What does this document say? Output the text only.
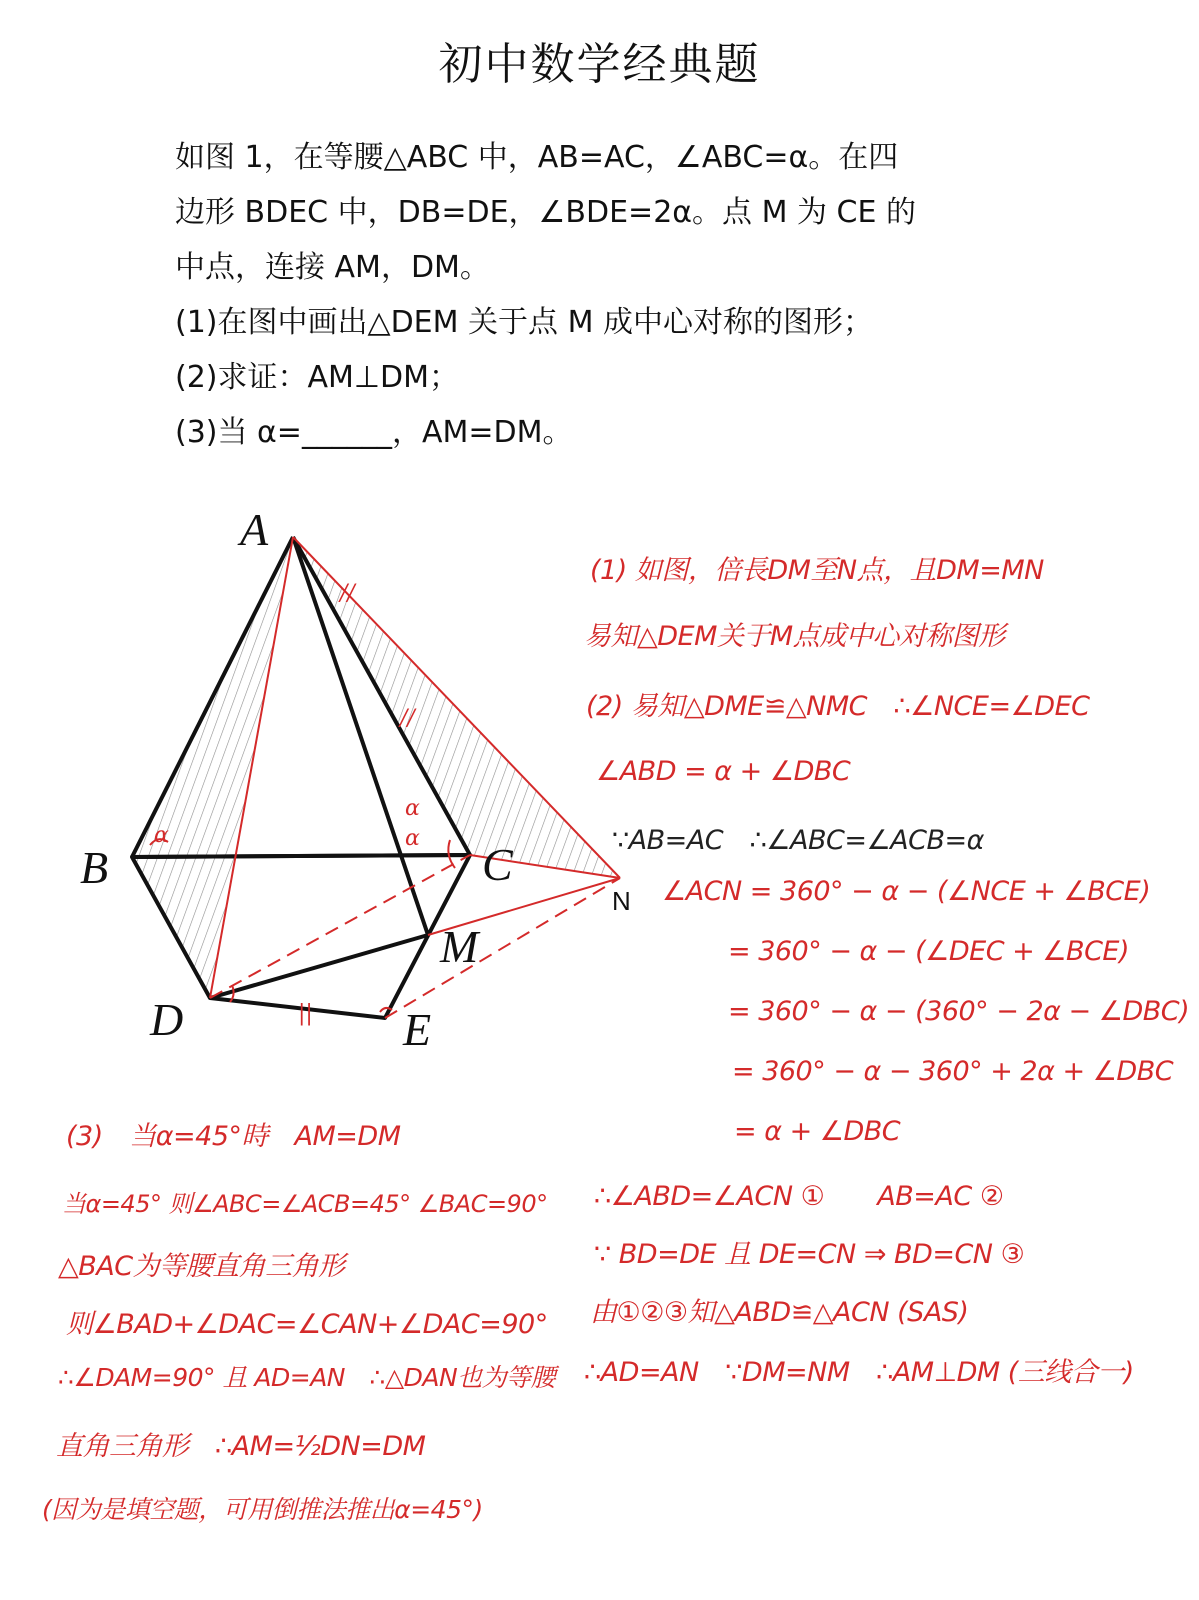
初中数学经典题
如图 1，在等腰△ABC 中，AB=AC，∠ABC=α。在四
边形 BDEC 中，DB=DE，∠BDE=2α。点 M 为 CE 的
中点，连接 AM，DM。
(1)在图中画出△DEM 关于点 M 成中心对称的图形；
(2)求证：AM⊥DM；
(3)当 α=______，AM=DM。
A
B	C
D	E
M
N
α
α
α
//
//
||
(1) 如图，倍長DM至N点，且DM=MN
易知△DEM关于M点成中心对称图形
(2) 易知△DME≌△NMC　∴∠NCE=∠DEC
∠ABD = α + ∠DBC
∵AB=AC　∴∠ABC=∠ACB=α
∠ACN = 360° − α − (∠NCE + ∠BCE)
= 360° − α − (∠DEC + ∠BCE)
= 360° − α − (360° − 2α − ∠DBC)
= 360° − α − 360° + 2α + ∠DBC
= α + ∠DBC
∴∠ABD=∠ACN ①　　AB=AC ②
∵ BD=DE 且 DE=CN ⇒ BD=CN ③
由①②③知△ABD≌△ACN (SAS)
∴AD=AN　∵DM=NM　∴AM⊥DM (三线合一)
(3)　当α=45°時　AM=DM
当α=45° 则∠ABC=∠ACB=45° ∠BAC=90°
△BAC为等腰直角三角形
则∠BAD+∠DAC=∠CAN+∠DAC=90°
∴∠DAM=90° 且 AD=AN　∴△DAN也为等腰
直角三角形　∴AM=½DN=DM
(因为是填空题，可用倒推法推出α=45°)
